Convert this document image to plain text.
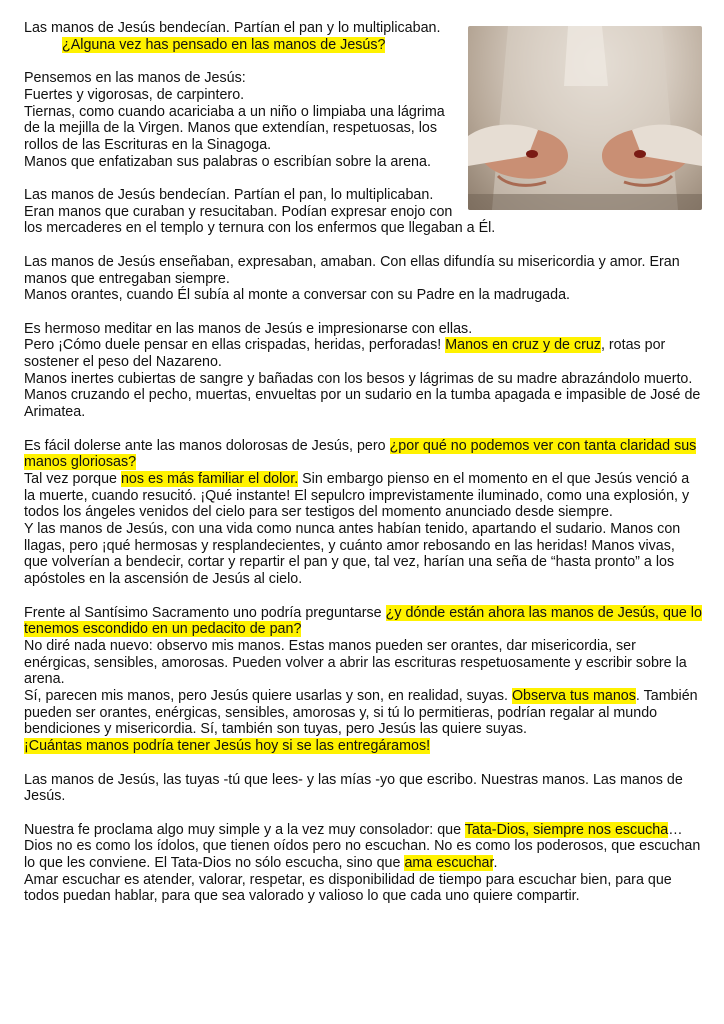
Las manos de Jesús bendecían. Partían el pan y lo multiplicaban.

¿Alguna vez has pensado en las manos de Jesús?

Pensemos en las manos de Jesús:

Fuertes y vigorosas, de carpintero.

Tiernas, como cuando acariciaba a un niño o limpiaba una lágrima de la mejilla de la Virgen. Manos que extendían, respetuosas, los rollos de las Escrituras en la Sinagoga.

Manos que enfatizaban sus palabras o escribían sobre la arena.

Las manos de Jesús bendecían. Partían el pan, lo multiplicaban.

Eran manos que curaban y resucitaban. Podían expresar enojo con los mercaderes en el templo y ternura con los enfermos que llegaban a Él.

Las manos de Jesús enseñaban, expresaban, amaban. Con ellas difundía su misericordia y amor. Eran manos que entregaban siempre.

Manos orantes, cuando Él subía al monte a conversar con su Padre en la madrugada.

Es hermoso meditar en las manos de Jesús e impresionarse con ellas.

Pero ¡Cómo duele pensar en ellas crispadas, heridas, perforadas! Manos en cruz y de cruz, rotas por sostener el peso del Nazareno.

Manos inertes cubiertas de sangre y bañadas con los besos y lágrimas de su madre abrazándolo muerto.

Manos cruzando el pecho, muertas, envueltas por un sudario en la tumba apagada e impasible de José de Arimatea.

Es fácil dolerse ante las manos dolorosas de Jesús, pero ¿por qué no podemos ver con tanta claridad sus manos gloriosas?

Tal vez porque nos es más familiar el dolor. Sin embargo pienso en el momento en el que Jesús venció a la muerte, cuando resucitó. ¡Qué instante! El sepulcro imprevistamente iluminado, como una explosión, y todos los ángeles venidos del cielo para ser testigos del momento anunciado desde siempre.

Y las manos de Jesús, con una vida como nunca antes habían tenido, apartando el sudario. Manos con llagas, pero ¡qué hermosas y resplandecientes, y cuánto amor rebosando en las heridas! Manos vivas, que volverían a bendecir, cortar y repartir el pan y que, tal vez, harían una seña de “hasta pronto” a los apóstoles en la ascensión de Jesús al cielo.

Frente al Santísimo Sacramento uno podría preguntarse ¿y dónde están ahora las manos de Jesús, que lo tenemos escondido en un pedacito de pan?

No diré nada nuevo: observo mis manos. Estas manos pueden ser orantes, dar misericordia, ser enérgicas, sensibles, amorosas. Pueden volver a abrir las escrituras respetuosamente y escribir sobre la arena.

Sí, parecen mis manos, pero Jesús quiere usarlas y son, en realidad, suyas. Observa tus manos. También pueden ser orantes, enérgicas, sensibles, amorosas y, si tú lo permitieras, podrían regalar al mundo bendiciones y misericordia. Sí, también son tuyas, pero Jesús las quiere suyas.

¡Cuántas manos podría tener Jesús hoy si se las entregáramos!

Las manos de Jesús, las tuyas -tú que lees- y las mías -yo que escribo. Nuestras manos. Las manos de Jesús.

Nuestra fe proclama algo muy simple y a la vez muy consolador: que Tata-Dios, siempre nos escucha…

Dios no es como los ídolos, que tienen oídos pero no escuchan. No es como los poderosos, que escuchan lo que les conviene. El Tata-Dios no sólo escucha, sino que ama escuchar.

Amar escuchar es atender, valorar, respetar, es disponibilidad de tiempo para escuchar bien, para que todos puedan hablar, para que sea valorado y valioso lo que cada uno quiere compartir.
